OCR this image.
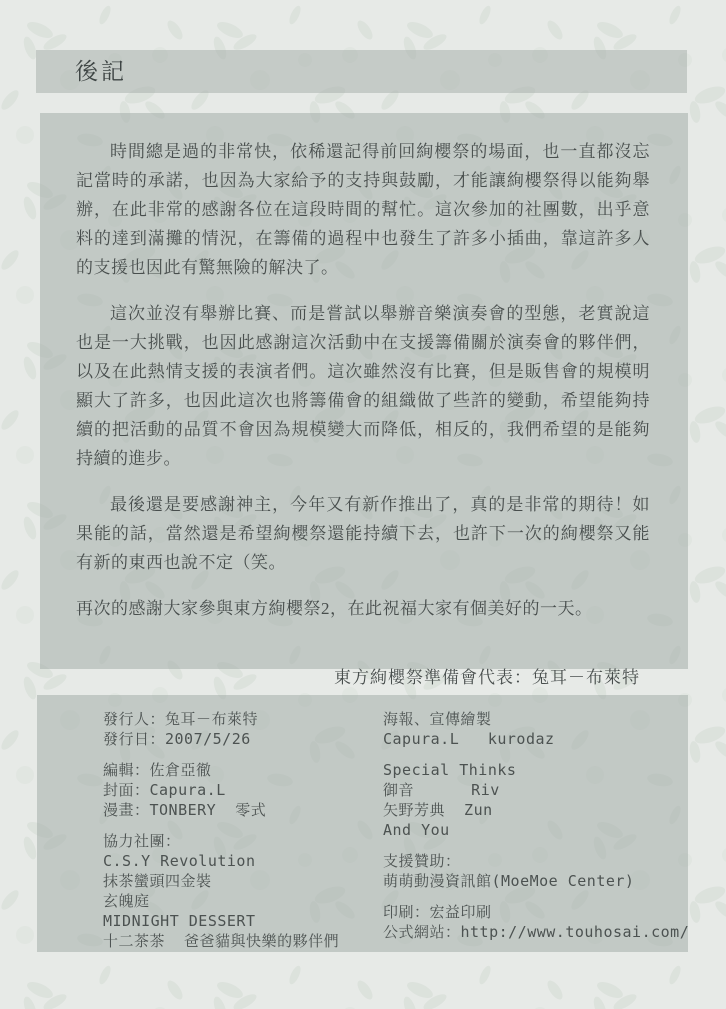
後記

時間總是過的非常快，依稀還記得前回絢櫻祭的場面，也一直都沒忘記當時的承諾，也因為大家給予的支持與鼓勵，才能讓絢櫻祭得以能夠舉辦，在此非常的感謝各位在這段時間的幫忙。這次參加的社團數，出乎意料的達到滿攤的情況，在籌備的過程中也發生了許多小插曲，靠這許多人的支援也因此有驚無險的解決了。

這次並沒有舉辦比賽、而是嘗試以舉辦音樂演奏會的型態，老實說這也是一大挑戰，也因此感謝這次活動中在支援籌備關於演奏會的夥伴們，以及在此熱情支援的表演者們。這次雖然沒有比賽，但是販售會的規模明顯大了許多，也因此這次也將籌備會的組織做了些許的變動，希望能夠持續的把活動的品質不會因為規模變大而降低，相反的，我們希望的是能夠持續的進步。

最後還是要感謝神主，今年又有新作推出了，真的是非常的期待！如果能的話，當然還是希望絢櫻祭還能持續下去，也許下一次的絢櫻祭又能有新的東西也說不定（笑。

再次的感謝大家參與東方絢櫻祭2，在此祝福大家有個美好的一天。

東方絢櫻祭準備會代表：兔耳－布萊特
發行人：兔耳－布萊特
發行日：2007/5/26
編輯：佐倉亞徹
封面：Capura.L
漫畫：TONBERY  零式
協力社團：
C.S.Y Revolution
抹茶蠻頭四金裝
玄魄庭
MIDNIGHT DESSERT
十二茶茶  爸爸貓與快樂的夥伴們
海報、宣傳繪製
Capura.L   kurodaz
Special Thinks
御音      Riv
矢野芳典  Zun
And You
支援贊助：
萌萌動漫資訊館(MoeMoe Center)
印刷：宏益印刷
公式網站：http://www.touhosai.com/
